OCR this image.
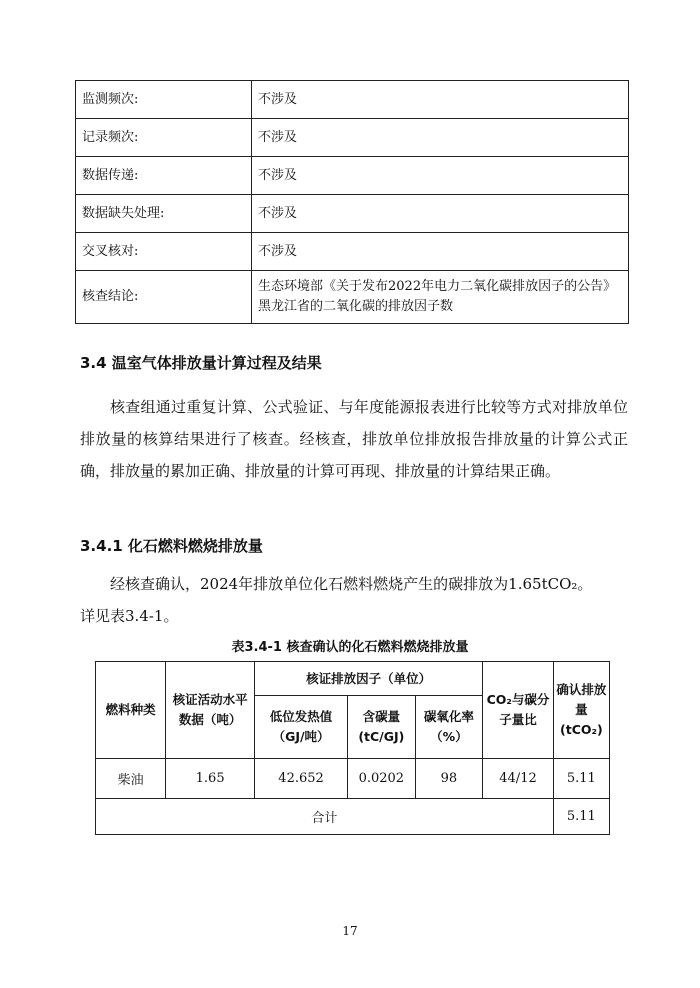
监测频次:	不涉及
记录频次:	不涉及
数据传递:	不涉及
数据缺失处理:	不涉及
交叉核对:	不涉及
核查结论:	生态环境部《关于发布2022年电力二氧化碳排放因子的公告》黑龙江省的二氧化碳的排放因子数
3.4 温室气体排放量计算过程及结果
核查组通过重复计算、公式验证、与年度能源报表进行比较等方式对排放单位排放量的核算结果进行了核查。经核查，排放单位排放报告排放量的计算公式正确，排放量的累加正确、排放量的计算可再现、排放量的计算结果正确。
3.4.1 化石燃料燃烧排放量
经核查确认，2024年排放单位化石燃料燃烧产生的碳排放为1.65tCO₂。
详见表3.4-1。
表3.4-1 核查确认的化石燃料燃烧排放量
燃料种类	核证活动水平数据（吨）	核证排放因子（单位）			CO₂与碳分子量比	确认排放量(tCO₂)
		低位发热值（GJ/吨）	含碳量(tC/GJ)	碳氧化率（%）		
柴油	1.65	42.652	0.0202	98	44/12	5.11
合计						5.11
17
